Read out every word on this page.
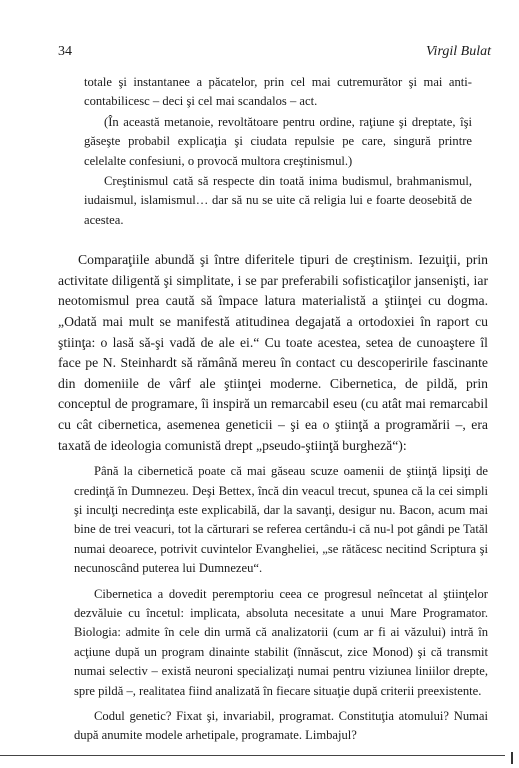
34	Virgil Bulat

totale şi instantanee a păcatelor, prin cel mai cutremurător şi mai anti-contabilicesc – deci şi cel mai scandalos – act.

(În această metanoie, revoltătoare pentru ordine, raţiune şi dreptate, îşi găseşte probabil explicaţia şi ciudata repulsie pe care, singură printre celelalte confesiuni, o provocă multora creştinismul.)

Creştinismul cată să respecte din toată inima budismul, brahmanismul, iudaismul, islamismul… dar să nu se uite că religia lui e foarte deosebită de acestea.

Comparaţiile abundă şi între diferitele tipuri de creştinism. Iezuiţii, prin activitate diligentă şi simplitate, i se par preferabili sofisticaţilor jansenişti, iar neotomismul prea caută să împace latura materialistă a ştiinţei cu dogma. „Odată mai mult se manifestă atitudinea degajată a ortodoxiei în raport cu ştiinţa: o lasă să-şi vadă de ale ei.“ Cu toate acestea, setea de cunoaştere îl face pe N. Steinhardt să rămână mereu în contact cu descoperirile fascinante din domeniile de vârf ale ştiinţei moderne. Cibernetica, de pildă, prin conceptul de programare, îi inspiră un remarcabil eseu (cu atât mai remarcabil cu cât cibernetica, asemenea geneticii – şi ea o ştiinţă a programării –, era taxată de ideologia comunistă drept „pseudo-ştiinţă burgheză“):

Până la cibernetică poate că mai găseau scuze oamenii de ştiinţă lipsiţi de credinţă în Dumnezeu. Deşi Bettex, încă din veacul trecut, spunea că la cei simpli şi inculţi necredinţa este explicabilă, dar la savanţi, desigur nu. Bacon, acum mai bine de trei veacuri, tot la cărturari se referea certându-i că nu-l pot gândi pe Tatăl numai deoarece, potrivit cuvintelor Evangheliei, „se rătăcesc necitind Scriptura şi necunoscând puterea lui Dumnezeu“.

Cibernetica a dovedit peremptoriu ceea ce progresul neîncetat al ştiinţelor dezvăluie cu încetul: implicata, absoluta necesitate a unui Mare Programator. Biologia: admite în cele din urmă că analizatorii (cum ar fi ai văzului) intră în acţiune după un program dinainte stabilit (înnăscut, zice Monod) şi că transmit numai selectiv – există neuroni specializaţi numai pentru viziunea liniilor drepte, spre pildă –, realitatea fiind analizată în fiecare situaţie după criterii preexistente.

Codul genetic? Fixat şi, invariabil, programat. Constituţia atomului? Numai după anumite modele arhetipale, programate. Limbajul?
